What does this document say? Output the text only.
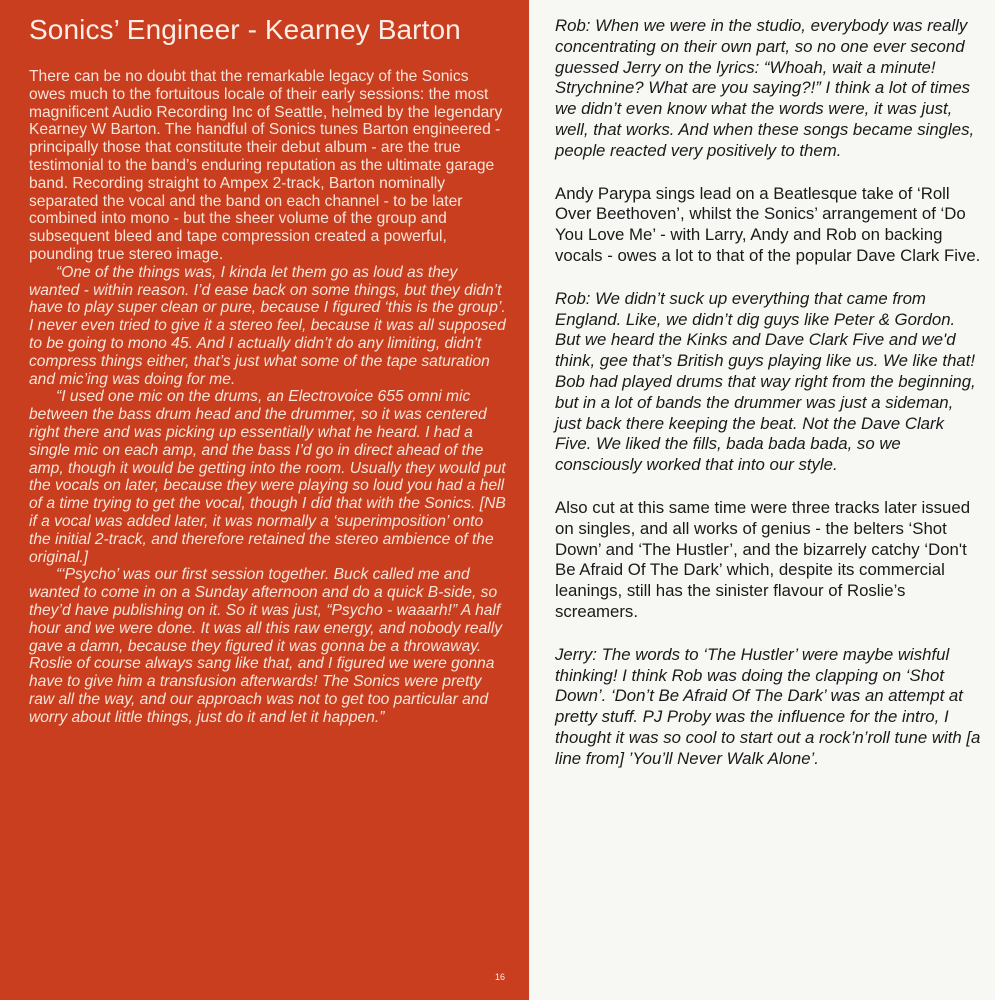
Sonics’ Engineer - Kearney Barton

There can be no doubt that the remarkable legacy of the Sonics owes much to the fortuitous locale of their early sessions: the most magnificent Audio Recording Inc of Seattle, helmed by the legendary Kearney W Barton. The handful of Sonics tunes Barton engineered - principally those that constitute their debut album - are the true testimonial to the band’s enduring reputation as the ultimate garage band. Recording straight to Ampex 2-track, Barton nominally separated the vocal and the band on each channel - to be later combined into mono - but the sheer volume of the group and subsequent bleed and tape compression created a powerful, pounding true stereo image.

“One of the things was, I kinda let them go as loud as they wanted - within reason. I’d ease back on some things, but they didn’t have to play super clean or pure, because I figured ‘this is the group’. I never even tried to give it a stereo feel, because it was all supposed to be going to mono 45. And I actually didn’t do any limiting, didn't compress things either, that’s just what some of the tape saturation and mic’ing was doing for me.

“I used one mic on the drums, an Electrovoice 655 omni mic between the bass drum head and the drummer, so it was centered right there and was picking up essentially what he heard. I had a single mic on each amp, and the bass I’d go in direct ahead of the amp, though it would be getting into the room. Usually they would put the vocals on later, because they were playing so loud you had a hell of a time trying to get the vocal, though I did that with the Sonics. [NB if a vocal was added later, it was normally a ‘superimposition’ onto the initial 2-track, and therefore retained the stereo ambience of the original.]

“‘Psycho’ was our first session together. Buck called me and wanted to come in on a Sunday afternoon and do a quick B-side, so they’d have publishing on it. So it was just, “Psycho - waaarh!” A half hour and we were done. It was all this raw energy, and nobody really gave a damn, because they figured it was gonna be a throwaway. Roslie of course always sang like that, and I figured we were gonna have to give him a transfusion afterwards! The Sonics were pretty raw all the way, and our approach was not to get too particular and worry about little things, just do it and let it happen.”

16

Rob: When we were in the studio, everybody was really concentrating on their own part, so no one ever second guessed Jerry on the lyrics: “Whoah, wait a minute! Strychnine? What are you saying?!” I think a lot of times we didn’t even know what the words were, it was just, well, that works. And when these songs became singles, people reacted very positively to them.

Andy Parypa sings lead on a Beatlesque take of ‘Roll Over Beethoven’, whilst the Sonics’ arrangement of ‘Do You Love Me’ - with Larry, Andy and Rob on backing vocals - owes a lot to that of the popular Dave Clark Five.

Rob: We didn’t suck up everything that came from England. Like, we didn’t dig guys like Peter & Gordon. But we heard the Kinks and Dave Clark Five and we'd think, gee that’s British guys playing like us. We like that! Bob had played drums that way right from the beginning, but in a lot of bands the drummer was just a sideman, just back there keeping the beat. Not the Dave Clark Five. We liked the fills, bada bada bada, so we consciously worked that into our style.

Also cut at this same time were three tracks later issued on singles, and all works of genius - the belters ‘Shot Down’ and ‘The Hustler’, and the bizarrely catchy ‘Don't Be Afraid Of The Dark’ which, despite its commercial leanings, still has the sinister flavour of Roslie’s screamers.

Jerry: The words to ‘The Hustler’ were maybe wishful thinking! I think Rob was doing the clapping on ‘Shot Down’. ‘Don’t Be Afraid Of The Dark’ was an attempt at pretty stuff. PJ Proby was the influence for the intro, I thought it was so cool to start out a rock’n’roll tune with [a line from] ’You’ll Never Walk Alone’.
